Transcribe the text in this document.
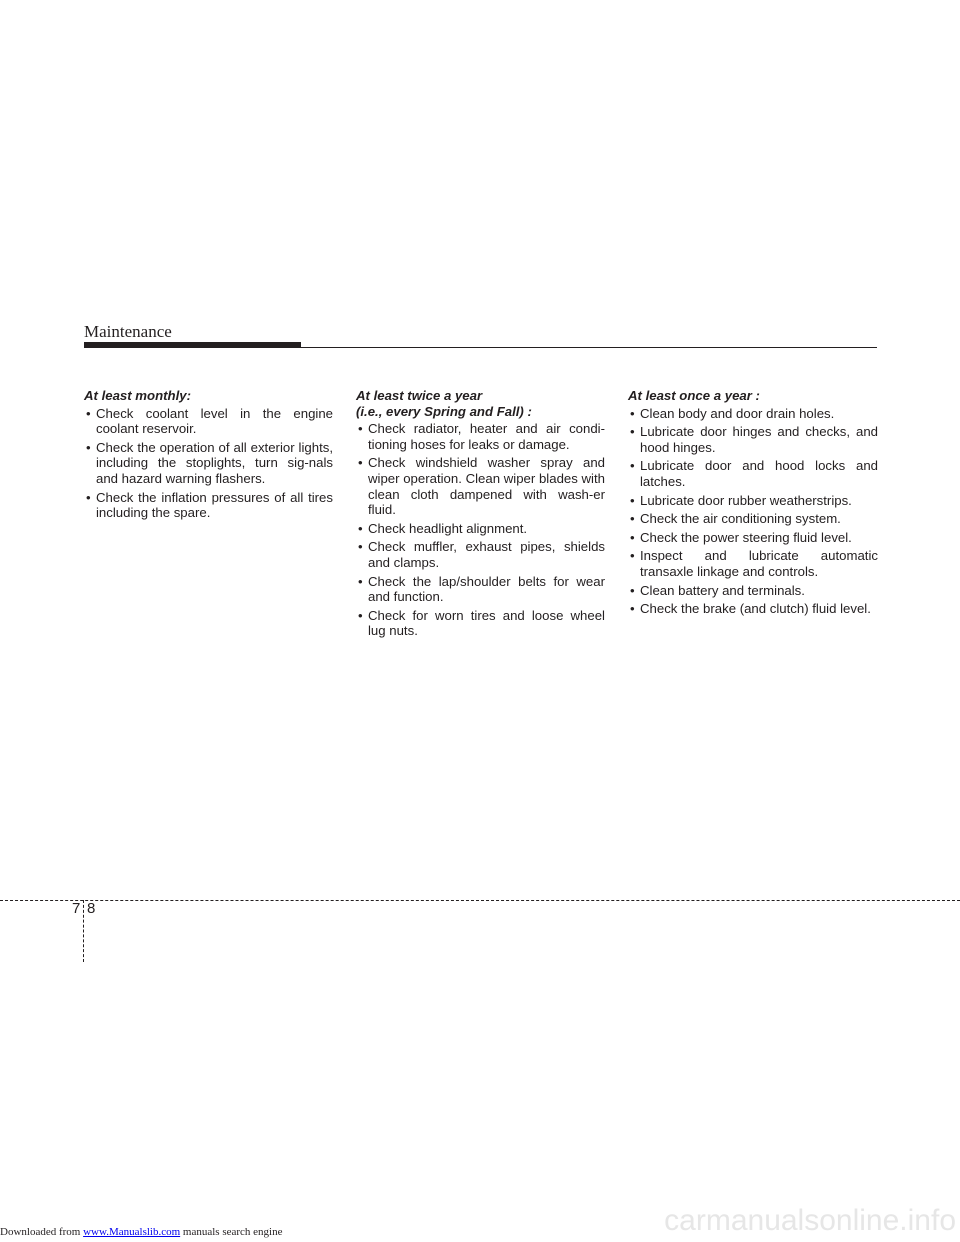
Maintenance
At least monthly:
• Check coolant level in the engine coolant reservoir.
• Check the operation of all exterior lights, including the stoplights, turn sig-nals and hazard warning flashers.
• Check the inflation pressures of all tires including the spare.
At least twice a year
(i.e., every Spring and Fall) :
• Check radiator, heater and air condi-tioning hoses for leaks or damage.
• Check windshield washer spray and wiper operation. Clean wiper blades with clean cloth dampened with wash-er fluid.
• Check headlight alignment.
• Check muffler, exhaust pipes, shields and clamps.
• Check the lap/shoulder belts for wear and function.
• Check for worn tires and loose wheel lug nuts.
At least once a year :
• Clean body and door drain holes.
• Lubricate door hinges and checks, and hood hinges.
• Lubricate door and hood locks and latches.
• Lubricate door rubber weatherstrips.
• Check the air conditioning system.
• Check the power steering fluid level.
• Inspect and lubricate automatic transaxle linkage and controls.
• Clean battery and terminals.
• Check the brake (and clutch) fluid level.
7 8
carmanualsonline.info
Downloaded from www.Manualslib.com manuals search engine
